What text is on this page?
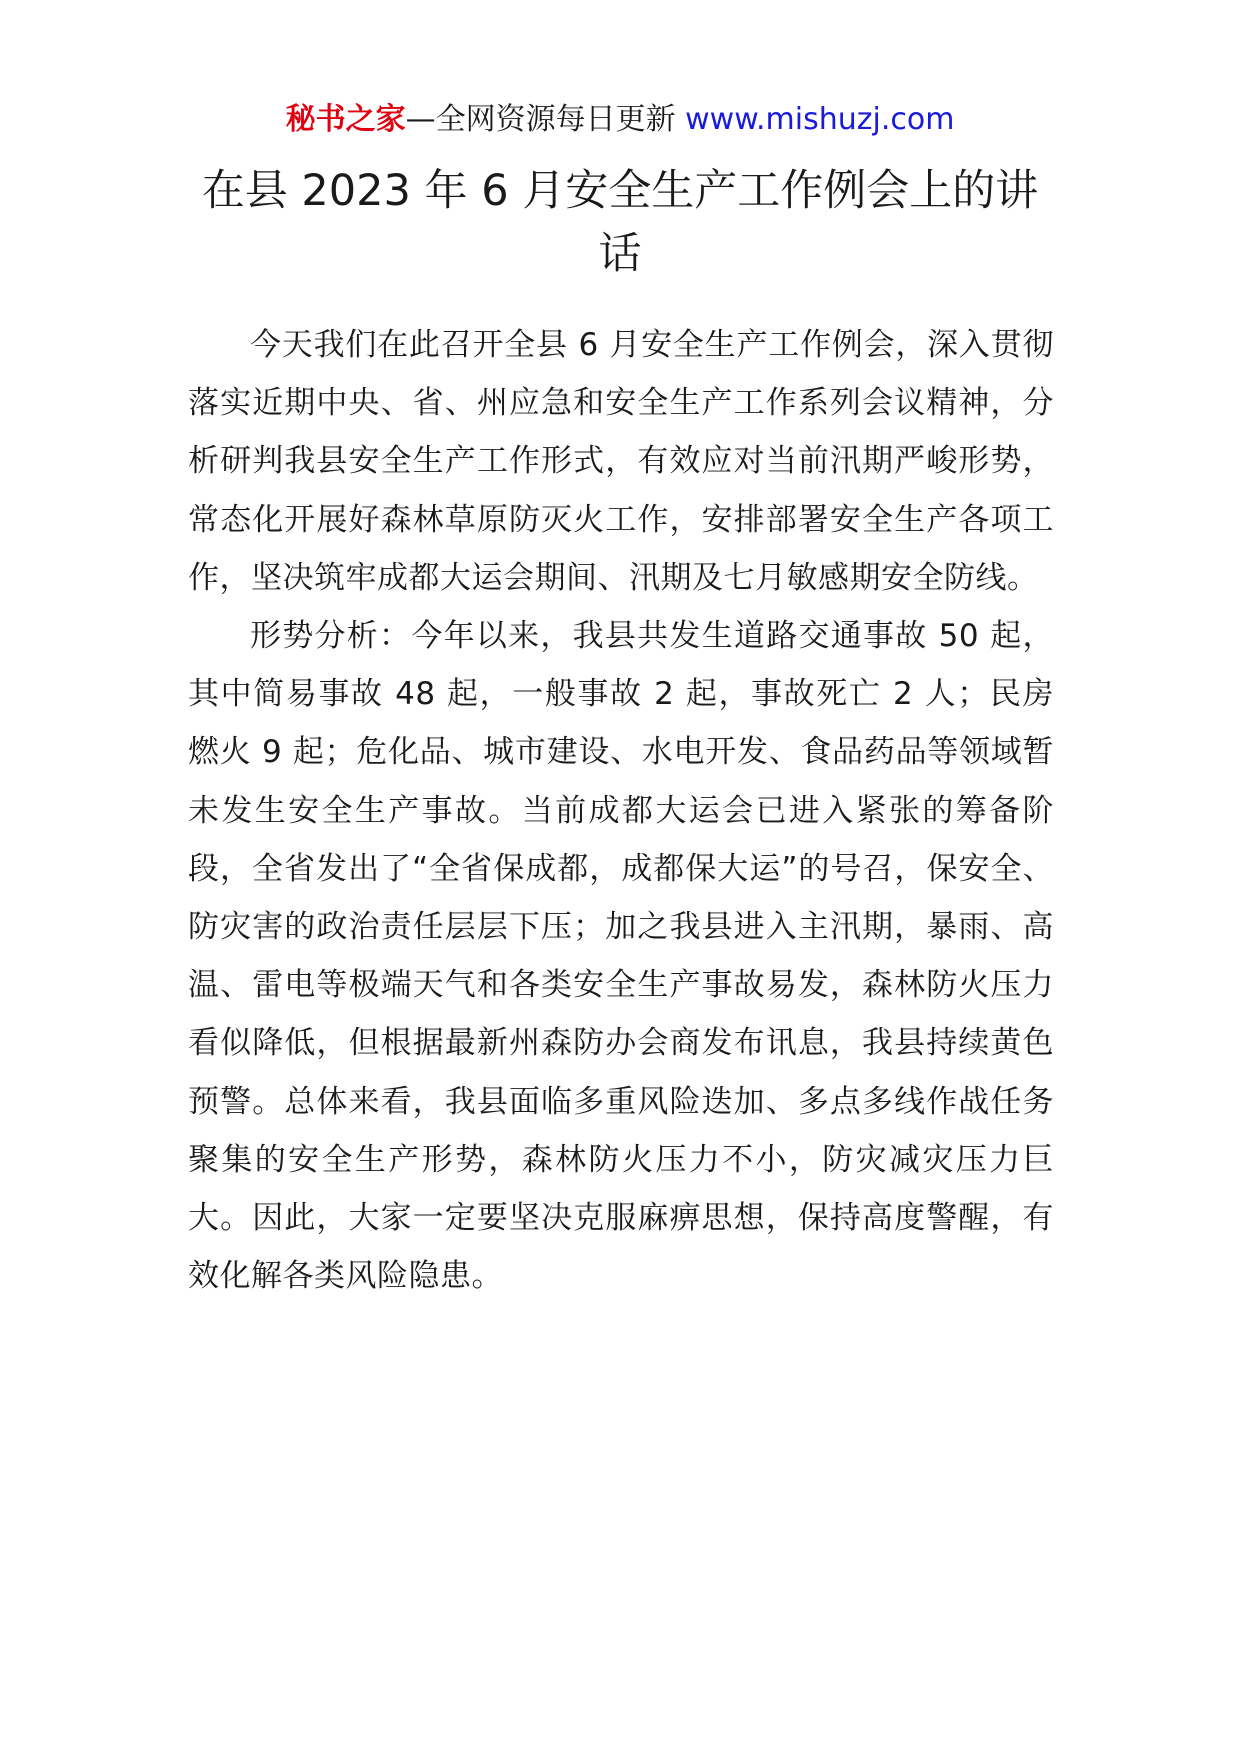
秘书之家—全网资源每日更新 www.mishuzj.com
在县 2023 年 6 月安全生产工作例会上的讲话

今天我们在此召开全县 6 月安全生产工作例会，深入贯彻落实近期中央、省、州应急和安全生产工作系列会议精神，分析研判我县安全生产工作形式，有效应对当前汛期严峻形势，常态化开展好森林草原防灭火工作，安排部署安全生产各项工作，坚决筑牢成都大运会期间、汛期及七月敏感期安全防线。

形势分析：今年以来，我县共发生道路交通事故 50 起，其中简易事故 48 起，一般事故 2 起，事故死亡 2 人；民房燃火 9 起；危化品、城市建设、水电开发、食品药品等领域暂未发生安全生产事故。当前成都大运会已进入紧张的筹备阶段，全省发出了“全省保成都，成都保大运”的号召，保安全、防灾害的政治责任层层下压；加之我县进入主汛期，暴雨、高温、雷电等极端天气和各类安全生产事故易发，森林防火压力看似降低，但根据最新州森防办会商发布讯息，我县持续黄色预警。总体来看，我县面临多重风险迭加、多点多线作战任务聚集的安全生产形势，森林防火压力不小，防灾减灾压力巨大。因此，大家一定要坚决克服麻痹思想，保持高度警醒，有效化解各类风险隐患。
